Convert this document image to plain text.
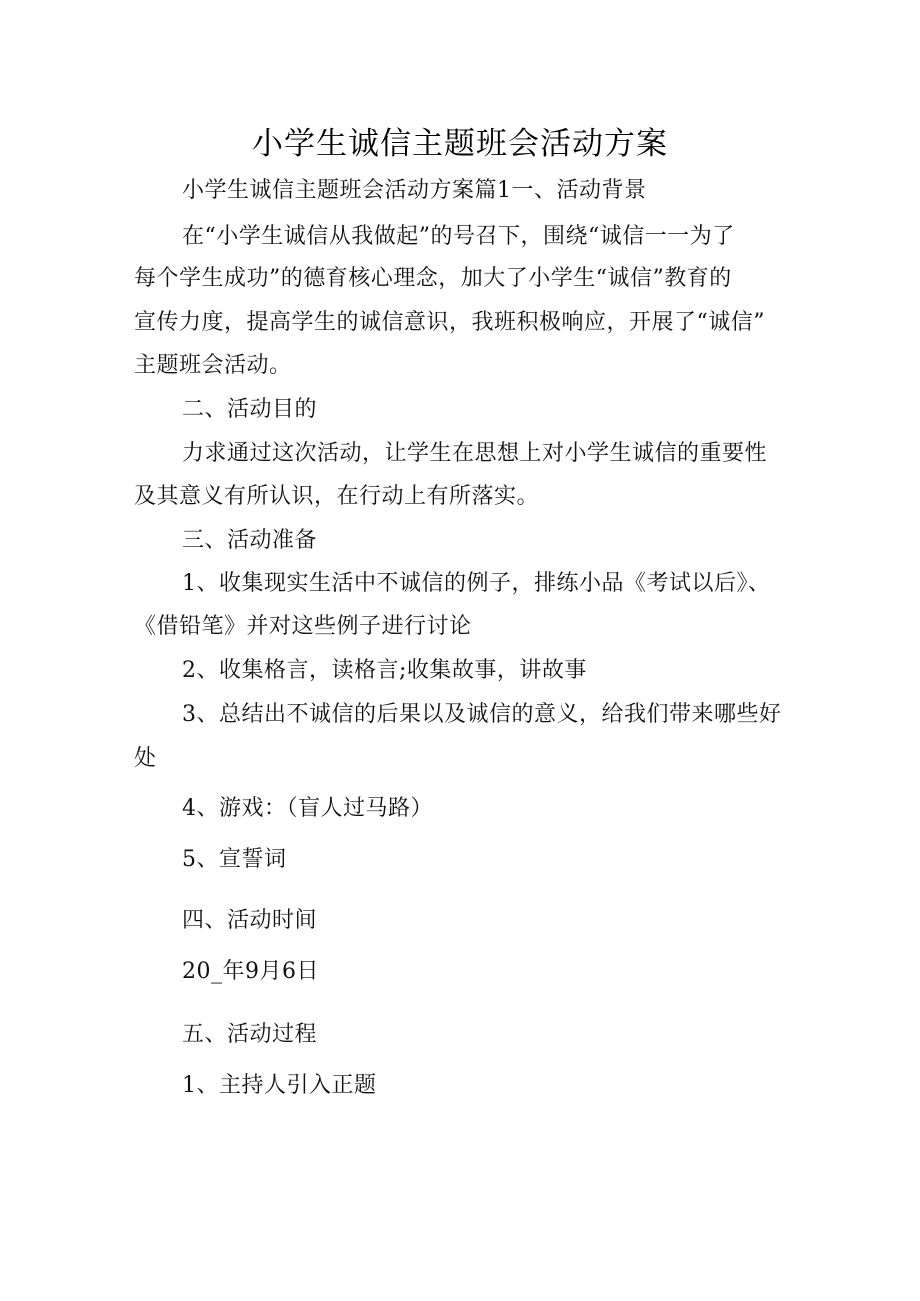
小学生诚信主题班会活动方案
小学生诚信主题班会活动方案篇1一、活动背景
在“小学生诚信从我做起”的号召下，围绕“诚信一一为了
每个学生成功”的德育核心理念，加大了小学生“诚信”教育的
宣传力度，提高学生的诚信意识，我班积极响应，开展了“诚信”
主题班会活动。
二、活动目的
力求通过这次活动，让学生在思想上对小学生诚信的重要性
及其意义有所认识，在行动上有所落实。
三、活动准备
1、收集现实生活中不诚信的例子，排练小品《考试以后》、
《借铅笔》并对这些例子进行讨论
2、收集格言，读格言;收集故事，讲故事
3、总结出不诚信的后果以及诚信的意义，给我们带来哪些好
处
4、游戏：（盲人过马路）
5、宣誓词
四、活动时间
20_年9月6日
五、活动过程
1、主持人引入正题
